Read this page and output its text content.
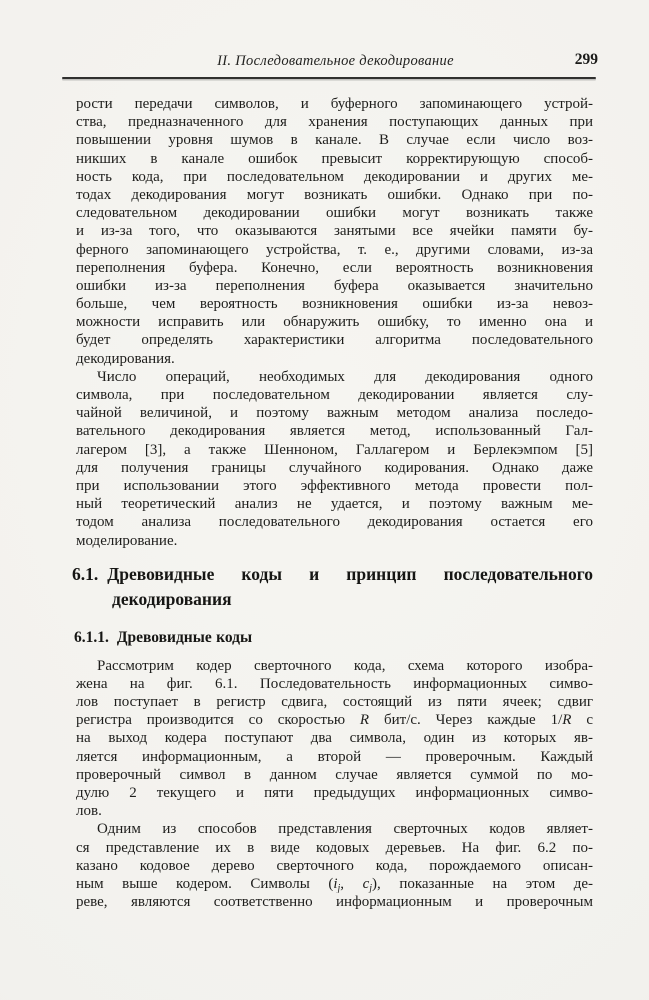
II. Последовательное декодирование	299
рости передачи символов, и буферного запоминающего устрой-
ства, предназначенного для хранения поступающих данных при
повышении уровня шумов в канале. В случае если число воз-
никших в канале ошибок превысит корректирующую способ-
ность кода, при последовательном декодировании и других ме-
тодах декодирования могут возникать ошибки. Однако при по-
следовательном декодировании ошибки могут возникать также
и из-за того, что оказываются занятыми все ячейки памяти бу-
ферного запоминающего устройства, т. е., другими словами, из-за
переполнения буфера. Конечно, если вероятность возникновения
ошибки из-за переполнения буфера оказывается значительно
больше, чем вероятность возникновения ошибки из-за невоз-
можности исправить или обнаружить ошибку, то именно она и
будет определять характеристики алгоритма последовательного
декодирования.
Число операций, необходимых для декодирования одного
символа, при последовательном декодировании является слу-
чайной величиной, и поэтому важным методом анализа последо-
вательного декодирования является метод, использованный Гал-
лагером [3], а также Шенноном, Галлагером и Берлекэмпом [5]
для получения границы случайного кодирования. Однако даже
при использовании этого эффективного метода провести пол-
ный теоретический анализ не удается, и поэтому важным ме-
тодом анализа последовательного декодирования остается его
моделирование.
6.1. Древовидные коды и принцип последовательного
декодирования
6.1.1. Древовидные коды
Рассмотрим кодер сверточного кода, схема которого изобра-
жена на фиг. 6.1. Последовательность информационных симво-
лов поступает в регистр сдвига, состоящий из пяти ячеек; сдвиг
регистра производится со скоростью R бит/с. Через каждые 1/R с
на выход кодера поступают два символа, один из которых яв-
ляется информационным, а второй — проверочным. Каждый
проверочный символ в данном случае является суммой по мо-
дулю 2 текущего и пяти предыдущих информационных симво-
лов.
Одним из способов представления сверточных кодов являет-
ся представление их в виде кодовых деревьев. На фиг. 6.2 по-
казано кодовое дерево сверточного кода, порождаемого описан-
ным выше кодером. Символы ($i_j$, $c_j$), показанные на этом де-
реве, являются соответственно информационным и проверочным
